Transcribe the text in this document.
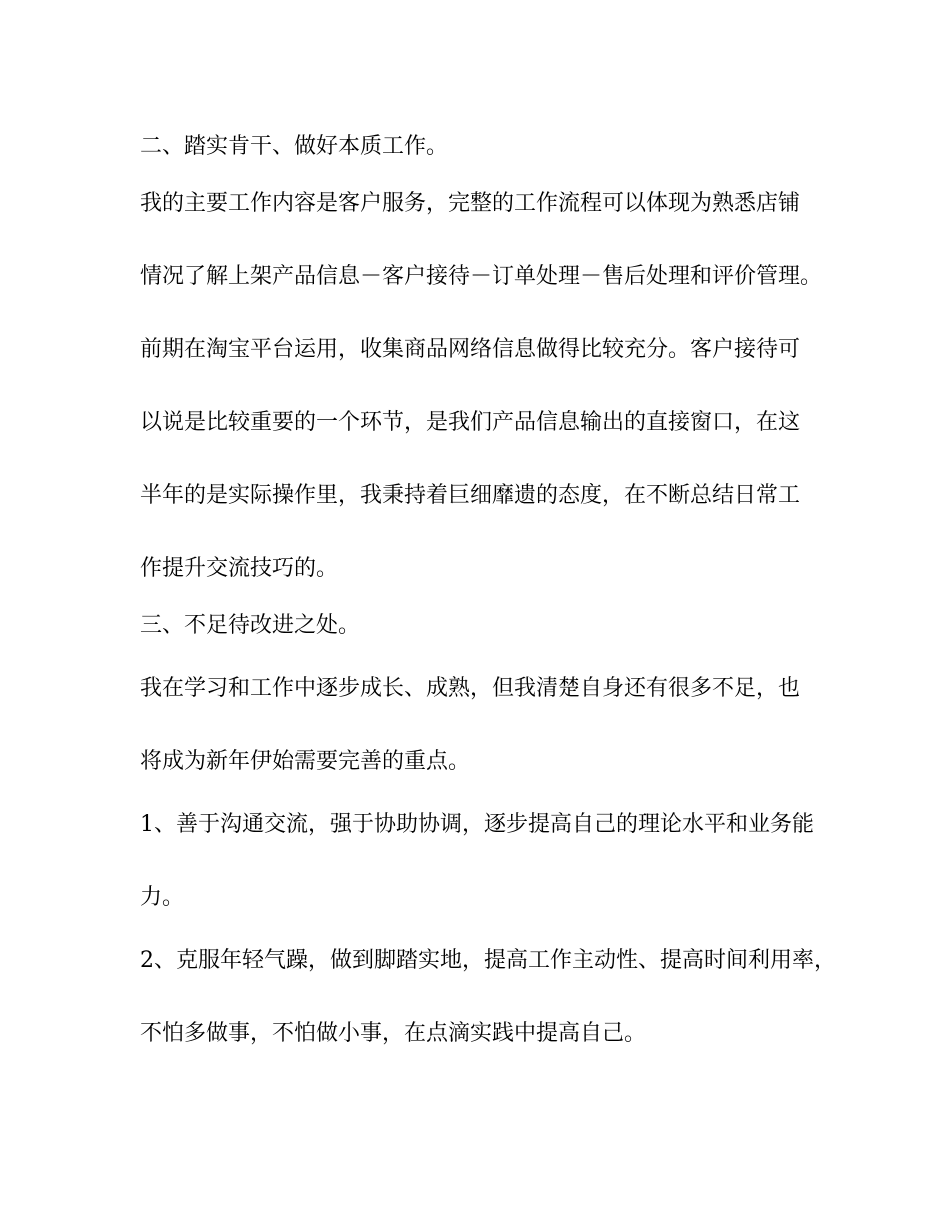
二、踏实肯干、做好本质工作。
我的主要工作内容是客户服务，完整的工作流程可以体现为熟悉店铺
情况了解上架产品信息－客户接待－订单处理－售后处理和评价管理。
前期在淘宝平台运用，收集商品网络信息做得比较充分。客户接待可
以说是比较重要的一个环节，是我们产品信息输出的直接窗口，在这
半年的是实际操作里，我秉持着巨细靡遗的态度，在不断总结日常工
作提升交流技巧的。
三、不足待改进之处。
我在学习和工作中逐步成长、成熟，但我清楚自身还有很多不足，也
将成为新年伊始需要完善的重点。
1、善于沟通交流，强于协助协调，逐步提高自己的理论水平和业务能
力。
2、克服年轻气躁，做到脚踏实地，提高工作主动性、提高时间利用率，
不怕多做事，不怕做小事，在点滴实践中提高自己。
